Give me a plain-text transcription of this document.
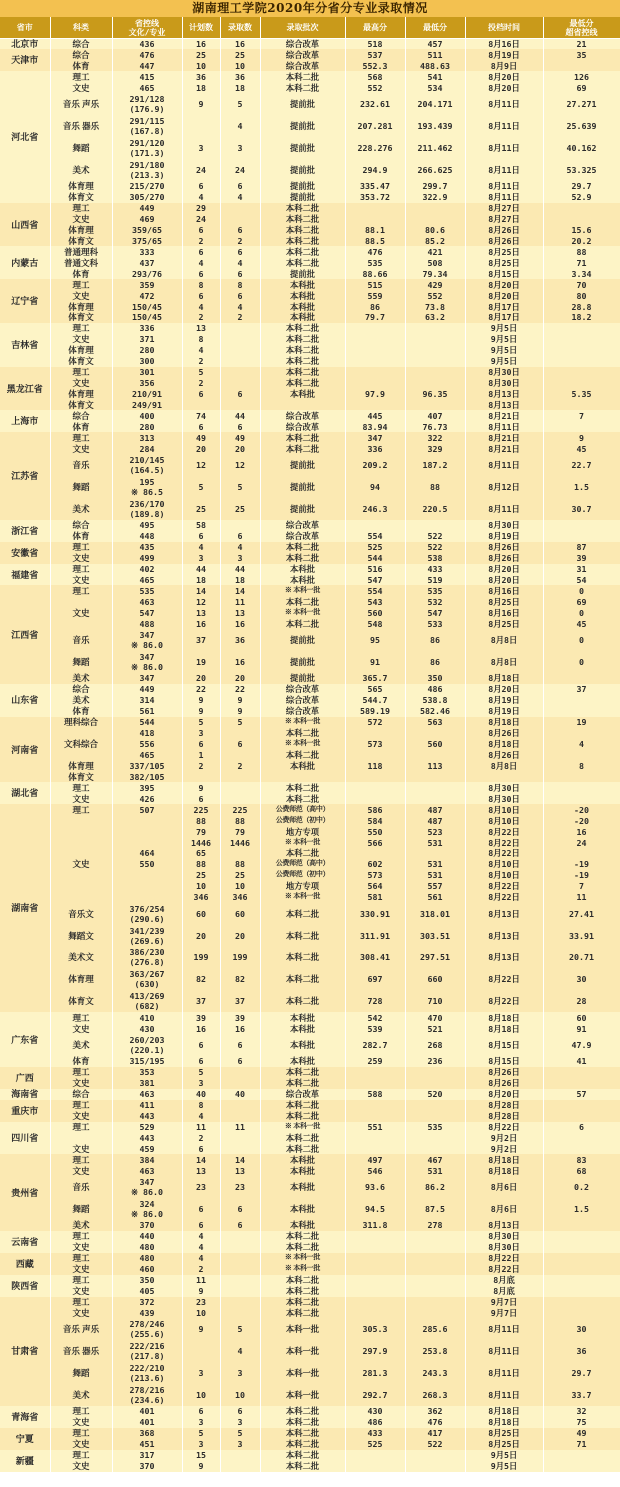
湖南理工学院2020年分省分专业录取情况
省市	科类	省控线
文化/专业	计划数	录取数	录取批次	最高分	最低分	投档时间	最低分
超省控线
北京市	综合	436	16	16	综合改革	518	457	8月16日	21
天津市	综合	476	25	25	综合改革	537	511	8月19日	35
	体育	447	10	10	综合改革	552.3	488.63	8月9日	
河北省	理工	415	36	36	本科二批	568	541	8月20日	126
	文史	465	18	18	本科二批	552	534	8月20日	69
	音乐 声乐	291/128
(176.9)	9	5	提前批	232.61	204.171	8月11日	27.271
	音乐 器乐	291/115
(167.8)		4	提前批	207.281	193.439	8月11日	25.639
	舞蹈	291/120
(171.3)	3	3	提前批	228.276	211.462	8月11日	40.162
	美术	291/180
(213.3)	24	24	提前批	294.9	266.625	8月11日	53.325
	体育理	215/270	6	6	提前批	335.47	299.7	8月11日	29.7
	体育文	305/270	4	4	提前批	353.72	322.9	8月11日	52.9
山西省	理工	449	29		本科二批			8月27日	
	文史	469	24		本科二批			8月27日	
	体育理	359/65	6	6	本科二批	88.1	80.6	8月26日	15.6
	体育文	375/65	2	2	本科二批	88.5	85.2	8月26日	20.2
内蒙古	普通理科	333	6	6	本科二批	476	421	8月25日	88
	普通文科	437	4	4	本科二批	535	508	8月25日	71
	体育	293/76	6	6	提前批	88.66	79.34	8月15日	3.34
辽宁省	理工	359	8	8	本科批	515	429	8月20日	70
	文史	472	6	6	本科批	559	552	8月20日	80
	体育理	150/45	4	4	本科批	86	73.8	8月17日	28.8
	体育文	150/45	2	2	本科批	79.7	63.2	8月17日	18.2
吉林省	理工	336	13		本科二批			9月5日	
	文史	371	8		本科二批			9月5日	
	体育理	280	4		本科二批			9月5日	
	体育文	300	2		本科二批			9月5日	
黑龙江省	理工	301	5		本科二批			8月30日	
	文史	356	2		本科二批			8月30日	
	体育理	210/91	6	6	本科批	97.9	96.35	8月13日	5.35
	体育文	249/91						8月13日	
上海市	综合	400	74	44	综合改革	445	407	8月21日	7
	体育	280	6	6	综合改革	83.94	76.73	8月11日	
江苏省	理工	313	49	49	本科二批	347	322	8月21日	9
	文史	284	20	20	本科二批	336	329	8月21日	45
	音乐	210/145
(164.5)	12	12	提前批	209.2	187.2	8月11日	22.7
	舞蹈	195
※ 86.5	5	5	提前批	94	88	8月12日	1.5
	美术	236/170
(189.8)	25	25	提前批	246.3	220.5	8月11日	30.7
浙江省	综合	495	58		综合改革			8月30日	
	体育	448	6	6	综合改革	554	522	8月19日	
安徽省	理工	435	4	4	本科二批	525	522	8月26日	87
	文史	499	3	3	本科二批	544	538	8月26日	39
福建省	理工	402	44	44	本科批	516	433	8月20日	31
	文史	465	18	18	本科批	547	519	8月20日	54
江西省	理工	535	14	14	※ 本科一批	554	535	8月16日	0
		463	12	11	本科二批	543	532	8月25日	69
	文史	547	13	13	※ 本科一批	560	547	8月16日	0
		488	16	16	本科二批	548	533	8月25日	45
	音乐	347
※ 86.0	37	36	提前批	95	86	8月8日	0
	舞蹈	347
※ 86.0	19	16	提前批	91	86	8月8日	0
	美术	347	20	20	提前批	365.7	350	8月18日	
山东省	综合	449	22	22	综合改革	565	486	8月20日	37
	美术	314	9	9	综合改革	544.7	538.8	8月19日	
	体育	561	9	9	综合改革	589.19	582.46	8月19日	
河南省	理科综合	544	5	5	※ 本科一批	572	563	8月18日	19
		418	3		本科二批			8月26日	
	文科综合	556	6	6	※ 本科一批	573	560	8月18日	4
		465	1		本科二批			8月26日	
	体育理	337/105	2	2	本科批	118	113	8月8日	8
	体育文	382/105							
湖北省	理工	395	9		本科二批			8月30日	
	文史	426	6		本科二批			8月30日	
湖南省	理工	507	225	225	公费师范（高中）	586	487	8月10日	-20
			88	88	公费师范（初中）	584	487	8月10日	-20
			79	79	地方专项	550	523	8月22日	16
			1446	1446	※ 本科一批	566	531	8月22日	24
		464	65		本科二批			8月22日	
	文史	550	88	88	公费师范（高中）	602	531	8月10日	-19
			25	25	公费师范（初中）	573	531	8月10日	-19
			10	10	地方专项	564	557	8月22日	7
			346	346	※ 本科一批	581	561	8月22日	11
	音乐文	376/254
(290.6)	60	60	本科二批	330.91	318.01	8月13日	27.41
	舞蹈文	341/239
(269.6)	20	20	本科二批	311.91	303.51	8月13日	33.91
	美术文	386/230
(276.8)	199	199	本科二批	308.41	297.51	8月13日	20.71
	体育理	363/267
(630)	82	82	本科二批	697	660	8月22日	30
	体育文	413/269
(682)	37	37	本科二批	728	710	8月22日	28
广东省	理工	410	39	39	本科批	542	470	8月18日	60
	文史	430	16	16	本科批	539	521	8月18日	91
	美术	260/203
(220.1)	6	6	本科批	282.7	268	8月15日	47.9
	体育	315/195	6	6	本科批	259	236	8月15日	41
广西	理工	353	5		本科二批			8月26日	
	文史	381	3		本科二批			8月26日	
海南省	综合	463	40	40	综合改革	588	520	8月20日	57
重庆市	理工	411	8		本科二批			8月28日	
	文史	443	4		本科二批			8月28日	
四川省	理工	529	11	11	※ 本科一批	551	535	8月22日	6
		443	2		本科二批			9月2日	
	文史	459	6		本科二批			9月2日	
贵州省	理工	384	14	14	本科批	497	467	8月18日	83
	文史	463	13	13	本科批	546	531	8月18日	68
	音乐	347
※ 86.0	23	23	本科批	93.6	86.2	8月6日	0.2
	舞蹈	324
※ 86.0	6	6	本科批	94.5	87.5	8月6日	1.5
	美术	370	6	6	本科批	311.8	278	8月13日	
云南省	理工	440	4		本科二批			8月30日	
	文史	480	4		本科二批			8月30日	
西藏	理工	480	4		※ 本科一批			8月22日	
	文史	460	2		※ 本科一批			8月22日	
陕西省	理工	350	11		本科二批			8月底	
	文史	405	9		本科二批			8月底	
甘肃省	理工	372	23		本科二批			9月7日	
	文史	439	10		本科二批			9月7日	
	音乐 声乐	278/246
(255.6)	9	5	本科一批	305.3	285.6	8月11日	30
	音乐 器乐	222/216
(217.8)		4	本科一批	297.9	253.8	8月11日	36
	舞蹈	222/210
(213.6)	3	3	本科一批	281.3	243.3	8月11日	29.7
	美术	278/216
(234.6)	10	10	本科一批	292.7	268.3	8月11日	33.7
青海省	理工	401	6	6	本科二批	430	362	8月18日	32
	文史	401	3	3	本科二批	486	476	8月18日	75
宁夏	理工	368	5	5	本科二批	433	417	8月25日	49
	文史	451	3	3	本科二批	525	522	8月25日	71
新疆	理工	317	15		本科二批			9月5日	
	文史	370	9		本科二批			9月5日	
